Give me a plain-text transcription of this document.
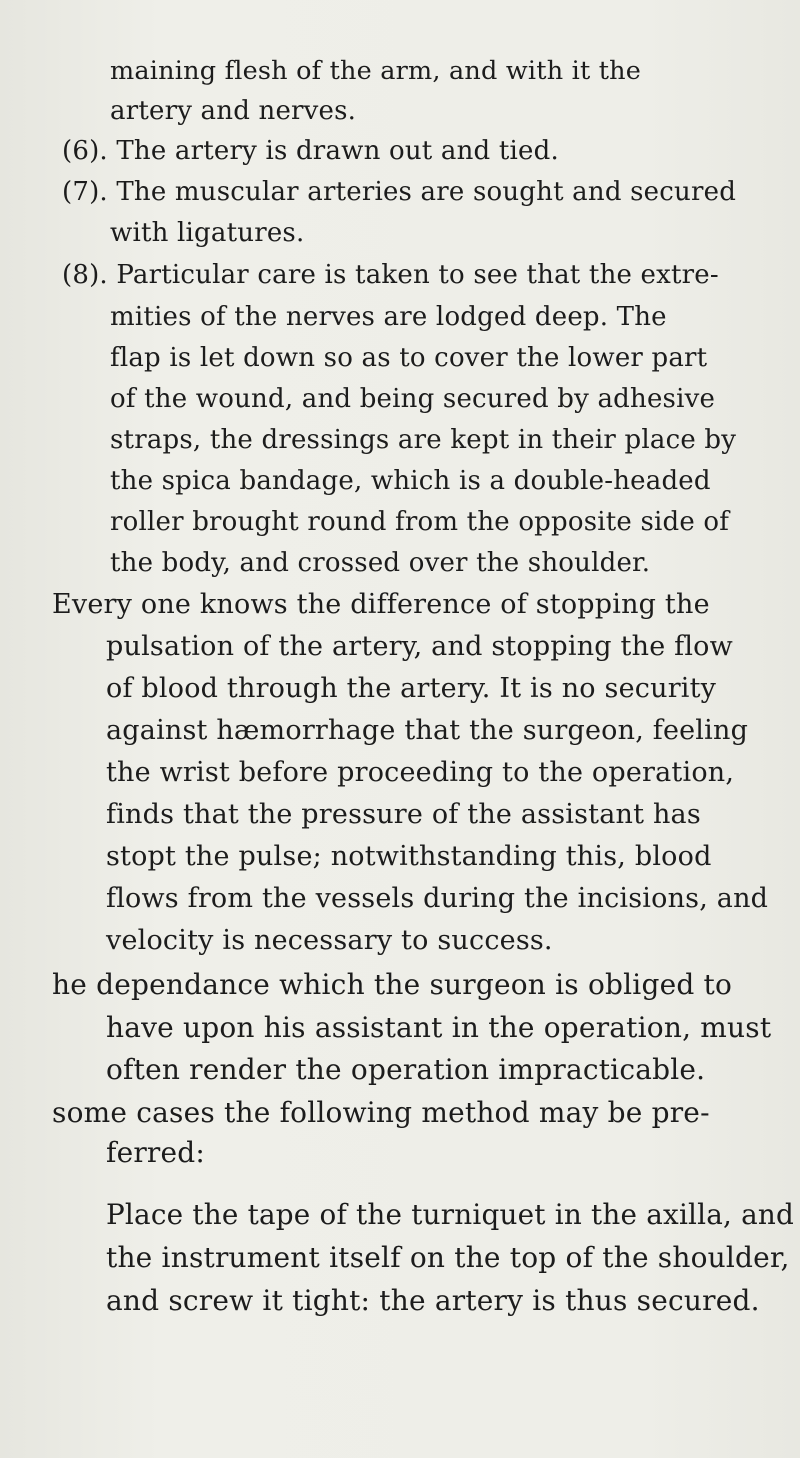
maining flesh of the arm, and with it the
artery and nerves.
(6). The artery is drawn out and tied.
(7). The muscular arteries are sought and secured
with ligatures.
(8). Particular care is taken to see that the extre-
mities of the nerves are lodged deep. The
flap is let down so as to cover the lower part
of the wound, and being secured by adhesive
straps, the dressings are kept in their place by
the spica bandage, which is a double-headed
roller brought round from the opposite side of
the body, and crossed over the shoulder.
Every one knows the difference of stopping the
pulsation of the artery, and stopping the flow
of blood through the artery. It is no security
against hæmorrhage that the surgeon, feeling
the wrist before proceeding to the operation,
finds that the pressure of the assistant has
stopt the pulse; notwithstanding this, blood
flows from the vessels during the incisions, and
velocity is necessary to success.
he dependance which the surgeon is obliged to
have upon his assistant in the operation, must
often render the operation impracticable.
some cases the following method may be pre-
ferred:
Place the tape of the turniquet in the axilla, and
the instrument itself on the top of the shoulder,
and screw it tight: the artery is thus secured.
